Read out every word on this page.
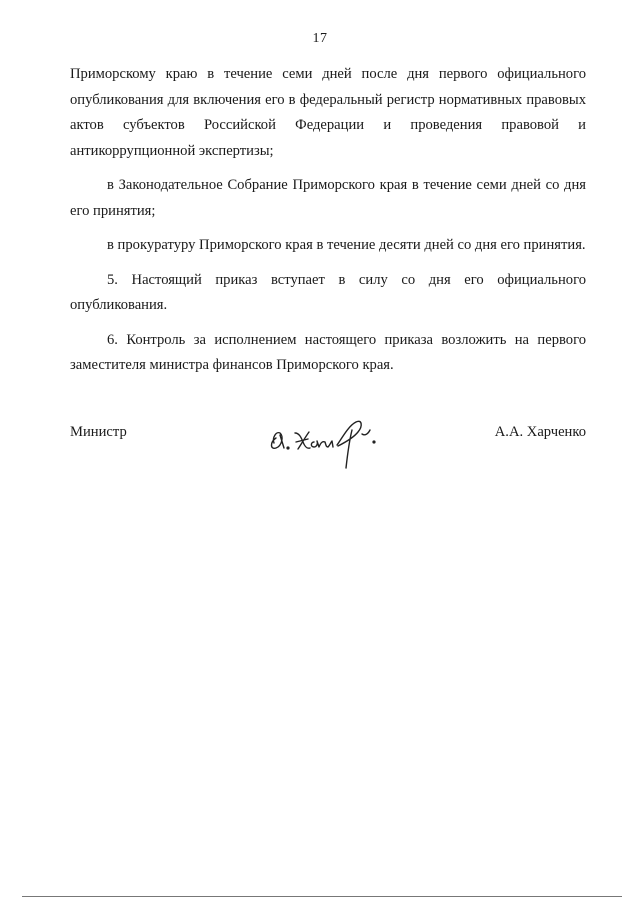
17

Приморскому краю в течение семи дней после дня первого официального опубликования для включения его в федеральный регистр нормативных правовых актов субъектов Российской Федерации и проведения правовой и антикоррупционной экспертизы;

в Законодательное Собрание Приморского края в течение семи дней со дня его принятия;

в прокуратуру Приморского края в течение десяти дней со дня его принятия.

5. Настоящий приказ вступает в силу со дня его официального опубликования.

6. Контроль за исполнением настоящего приказа возложить на первого заместителя министра финансов Приморского края.

Министр	А.А. Харченко
